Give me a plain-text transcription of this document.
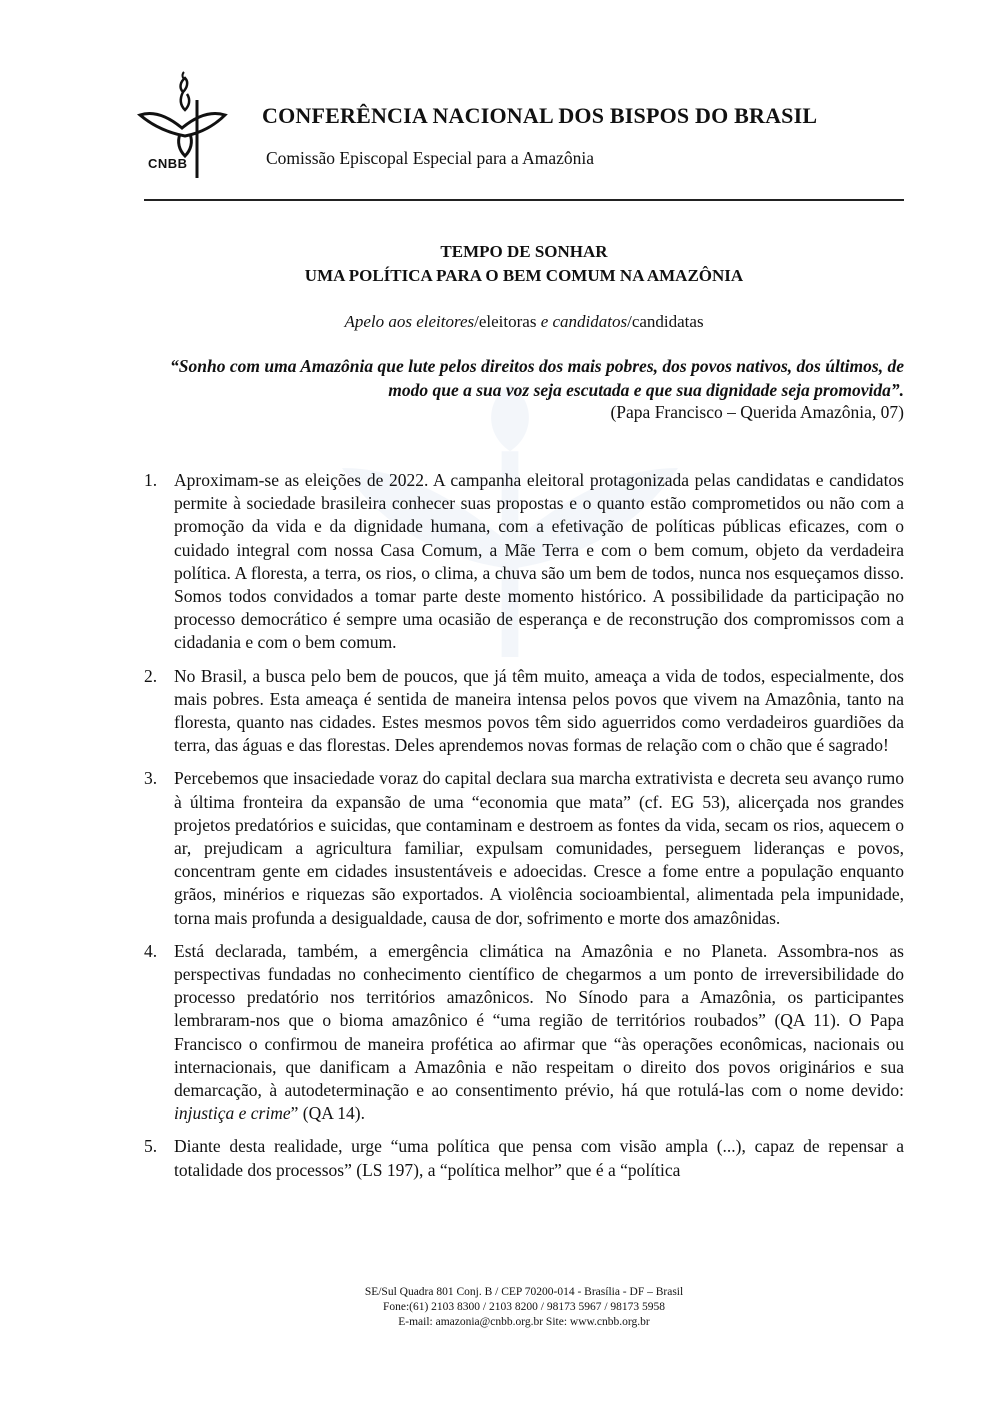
CNBB
CONFERÊNCIA NACIONAL DOS BISPOS DO BRASIL
Comissão Episcopal Especial para a Amazônia
TEMPO DE SONHAR
UMA POLÍTICA PARA O BEM COMUM NA AMAZÔNIA
Apelo aos eleitores/eleitoras e candidatos/candidatas
“Sonho com uma Amazônia que lute pelos direitos dos mais pobres, dos povos nativos, dos últimos, de modo que a sua voz seja escutada e que sua dignidade seja promovida”.
(Papa Francisco – Querida Amazônia, 07)
1. Aproximam-se as eleições de 2022. A campanha eleitoral protagonizada pelas candidatas e candidatos permite à sociedade brasileira conhecer suas propostas e o quanto estão comprometidos ou não com a promoção da vida e da dignidade humana, com a efetivação de políticas públicas eficazes, com o cuidado integral com nossa Casa Comum, a Mãe Terra e com o bem comum, objeto da verdadeira política. A floresta, a terra, os rios, o clima, a chuva são um bem de todos, nunca nos esqueçamos disso. Somos todos convidados a tomar parte deste momento histórico. A possibilidade da participação no processo democrático é sempre uma ocasião de esperança e de reconstrução dos compromissos com a cidadania e com o bem comum.
2. No Brasil, a busca pelo bem de poucos, que já têm muito, ameaça a vida de todos, especialmente, dos mais pobres. Esta ameaça é sentida de maneira intensa pelos povos que vivem na Amazônia, tanto na floresta, quanto nas cidades. Estes mesmos povos têm sido aguerridos como verdadeiros guardiões da terra, das águas e das florestas. Deles aprendemos novas formas de relação com o chão que é sagrado!
3. Percebemos que insaciedade voraz do capital declara sua marcha extrativista e decreta seu avanço rumo à última fronteira da expansão de uma “economia que mata” (cf. EG 53), alicerçada nos grandes projetos predatórios e suicidas, que contaminam e destroem as fontes da vida, secam os rios, aquecem o ar, prejudicam a agricultura familiar, expulsam comunidades, perseguem lideranças e povos, concentram gente em cidades insustentáveis e adoecidas. Cresce a fome entre a população enquanto grãos, minérios e riquezas são exportados. A violência socioambiental, alimentada pela impunidade, torna mais profunda a desigualdade, causa de dor, sofrimento e morte dos amazônidas.
4. Está declarada, também, a emergência climática na Amazônia e no Planeta. Assombra-nos as perspectivas fundadas no conhecimento científico de chegarmos a um ponto de irreversibilidade do processo predatório nos territórios amazônicos. No Sínodo para a Amazônia, os participantes lembraram-nos que o bioma amazônico é “uma região de territórios roubados” (QA 11). O Papa Francisco o confirmou de maneira profética ao afirmar que “às operações econômicas, nacionais ou internacionais, que danificam a Amazônia e não respeitam o direito dos povos originários e sua demarcação, à autodeterminação e ao consentimento prévio, há que rotulá-las com o nome devido: injustiça e crime” (QA 14).
5. Diante desta realidade, urge “uma política que pensa com visão ampla (...), capaz de repensar a totalidade dos processos” (LS 197), a “política melhor” que é a “política
SE/Sul Quadra 801 Conj. B / CEP 70200-014 - Brasília - DF – Brasil
Fone:(61) 2103 8300 / 2103 8200 / 98173 5967 / 98173 5958
E-mail: amazonia@cnbb.org.br Site: www.cnbb.org.br
